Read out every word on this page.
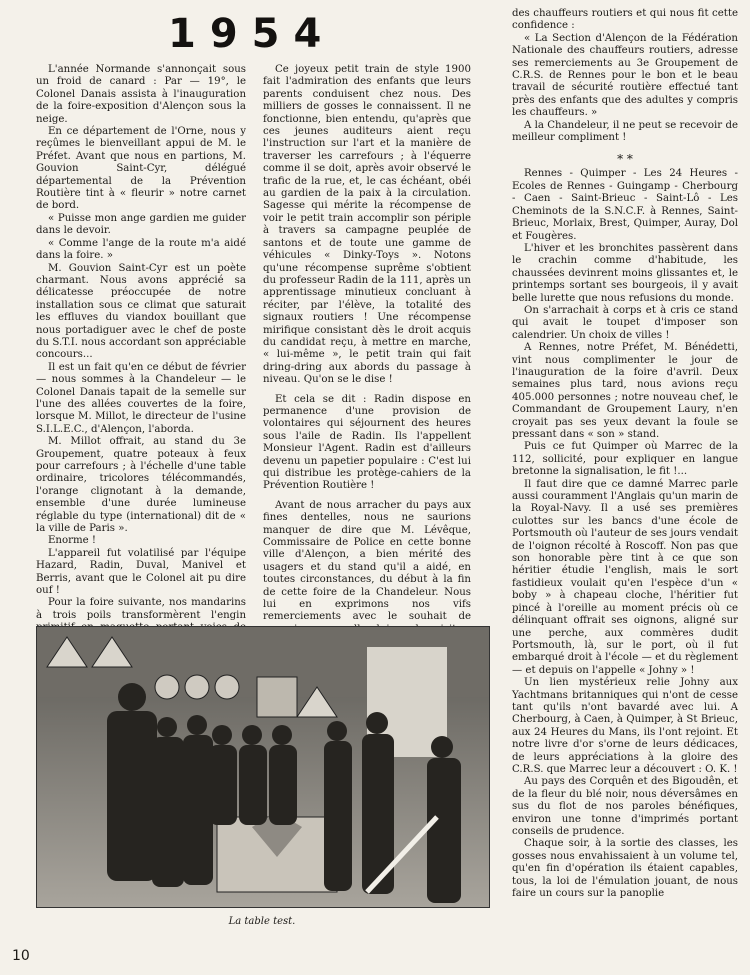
1954

L'année Normande s'annonçait sous un froid de canard : Par — 19°, le Colonel Danais assista à l'inauguration de la foire-exposition d'Alençon sous la neige.

En ce département de l'Orne, nous y reçûmes le bienveillant appui de M. le Préfet. Avant que nous en partions, M. Gouvion Saint-Cyr, délégué départemental de la Prévention Routière tint à « fleurir » notre carnet de bord.

« Puisse mon ange gardien me guider dans le devoir.

« Comme l'ange de la route m'a aidé dans la foire. »

M. Gouvion Saint-Cyr est un poète charmant. Nous avons apprécié sa délicatesse préoccupée de notre installation sous ce climat que saturait les effluves du viandox bouillant que nous portadiguer avec le chef de poste du S.T.I. nous accordant son appréciable concours...

Il est un fait qu'en ce début de février — nous sommes à la Chandeleur — le Colonel Danais tapait de la semelle sur l'une des allées couvertes de la foire, lorsque M. Millot, le directeur de l'usine S.I.L.E.C., d'Alençon, l'aborda.

M. Millot offrait, au stand du 3e Groupement, quatre poteaux à feux pour carrefours ; à l'échelle d'une table ordinaire, tricolores télécommandés, l'orange clignotant à la demande, ensemble d'une durée lumineuse réglable du type (international) dit de « la ville de Paris ».

Enorme !

L'appareil fut volatilisé par l'équipe Hazard, Radin, Duval, Manivel et Berris, avant que le Colonel ait pu dire ouf !

Pour la foire suivante, nos mandarins à trois poils transformèrent l'engin

Ce joyeux petit train de style 1900 fait l'admiration des enfants que leurs parents conduisent chez nous. Des milliers de gosses le connaissent. Il ne fonctionne, bien entendu, qu'après que ces jeunes auditeurs aient reçu l'instruction sur l'art et la manière de traverser les carrefours ; à l'équerre comme il se doit, après avoir observé le trafic de la rue, et, le cas échéant, obéi au gardien de la paix à la circulation. Sagesse qui mérite la récompense de voir le petit train accomplir son périple à travers sa campagne peuplée de santons et de toute une gamme de véhicules « Dinky-Toys ». Notons qu'une récompense suprême s'obtient du professeur Radin de la 111, après un apprentissage minutieux concluant à réciter, par l'élève, la totalité des signaux routiers ! Une récompense mirifique consistant dès le droit acquis du candidat reçu, à mettre en marche, « lui-même », le petit train qui fait dring-dring aux abords du passage à niveau. Qu'on se le dise !

Et cela se dit : Radin dispose en permanence d'une provision de volontaires qui séjournent des heures sous l'aile de Radin. Ils l'appellent Monsieur l'Agent. Radin est d'ailleurs devenu un papetier populaire : C'est lui qui distribue les protège-cahiers de la Prévention Routière !

Avant de nous arracher du pays aux fines dentelles, nous ne saurions manquer de dire que M. Lévêque, Commissaire de Police en cette bonne ville d'Alençon, a bien mérité des usagers et du stand qu'il a aidé, en toutes circonstances, du début à la fin de cette foire de la Chandeleur. Nous lui en exprimons nos vifs remerciements avec le souhait de

des chauffeurs routiers et qui nous fit cette confidence :

« La Section d'Alençon de la Fédération Nationale des chauffeurs routiers, adresse ses remerciements au 3e Groupement de C.R.S. de Rennes pour le bon et le beau travail de sécurité routière effectué tant près des enfants que des adultes y compris les chauffeurs. »

A la Chandeleur, il ne peut se recevoir de meilleur compliment !

* *

Rennes - Quimper - Les 24 Heures - Ecoles de Rennes - Guingamp - Cherbourg - Caen - Saint-Brieuc - Saint-Lô - Les Cheminots de la S.N.C.F. à Rennes, Saint-Brieuc, Morlaix, Brest, Quimper, Auray, Dol et Fougères.

L'hiver et les bronchites passèrent dans le crachin comme d'habitude, les chaussées devinrent moins glissantes et, le printemps sortant ses bourgeois, il y avait belle lurette que nous refusions du monde.

On s'arrachait à corps et à cris ce stand qui avait le toupet d'imposer son calendrier. Un choix de villes !

A Rennes, notre Préfet, M. Bénédetti, vint nous complimenter le jour de l'inauguration de la foire d'avril. Deux semaines plus tard, nous avions reçu 405.000 personnes ; notre nouveau chef, le Commandant de Groupement Laury, n'en croyait pas ses yeux devant la foule se pressant dans « son » stand.

Puis ce fut Quimper où Marrec de la 112, sollicité, pour expliquer en langue bretonne la signalisation, le fit !...

Il faut dire que ce damné Marrec parle aussi couramment l'Anglais qu'un marin de la Royal-Navy. Il a usé ses premières culottes sur les bancs d'une école de Portsmouth où l'auteur de ses jours vendait de l'oignon récolté à Roscoff. Non pas que son honorable père tint à ce que son héritier étudie l'english, mais le sort fastidieux voulait qu'en l'espèce d'un « boby » à chapeau cloche, l'héritier fut pincé à l'oreille au moment précis où ce délinquant offrait ses oignons, aligné sur une perche, aux commères dudit Portsmouth, là, sur le port, où il fut embarqué droit à l'école — et du règlement — et depuis on l'appelle « Johny » !

Un lien mystérieux relie Johny aux Yachtmans britanniques qui n'ont de cesse tant qu'ils n'ont bavardé avec lui. A Cherbourg, à Caen, à Quimper, à St Brieuc, aux 24 Heures du Mans, ils l'ont rejoint. Et notre livre d'or s'orne de leurs dédicaces, de leurs appréciations à la gloire des C.R.S. que Marrec leur a découvert : O. K. !

Au pays des Corquên et des Bigoudên, et de la fleur du blé noir, nous déversâmes en sus du flot de nos paroles bénéfiques, environ une tonne d'imprimés portant conseils de prudence.

Chaque soir, à la sortie des classes, les gosses nous envahissaient à un volume tel, qu'en fin d'opération ils étaient capables, tous, la loi de l'émulation jouant, de nous faire un cours sur la panoplie

La table test.
10
